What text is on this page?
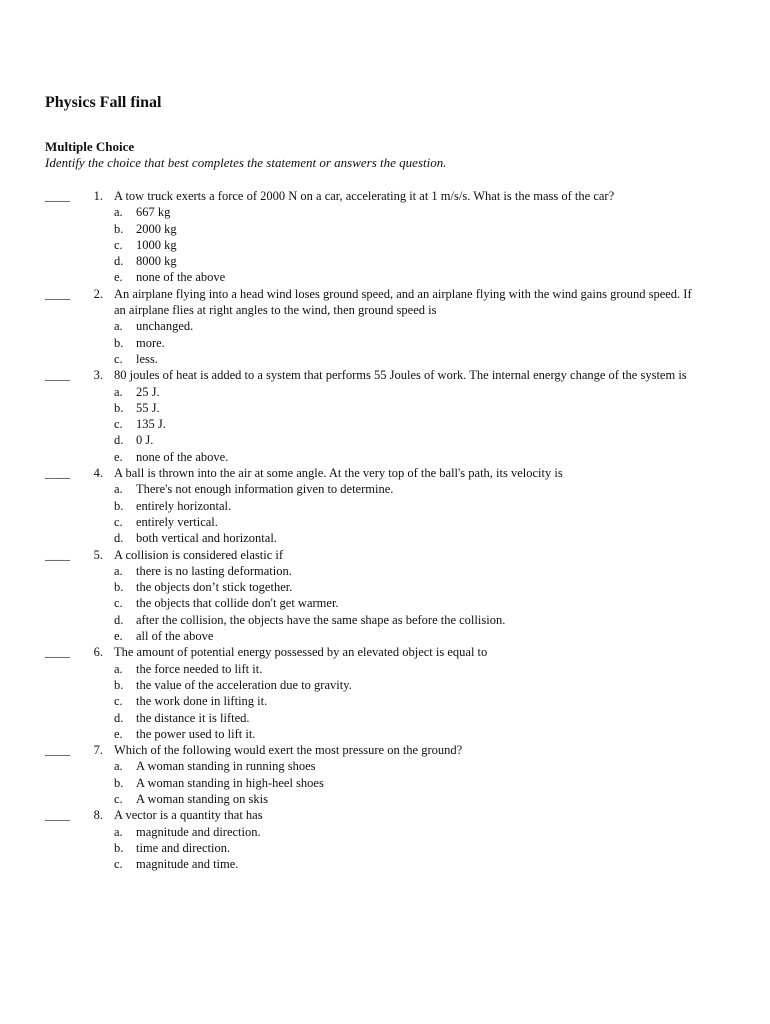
Physics Fall final
Multiple Choice
Identify the choice that best completes the statement or answers the question.
____	1. A tow truck exerts a force of 2000 N on a car, accelerating it at 1 m/s/s. What is the mass of the car?
a. 667 kg
b. 2000 kg
c. 1000 kg
d. 8000 kg
e. none of the above
____	2. An airplane flying into a head wind loses ground speed, and an airplane flying with the wind gains ground speed. If an airplane flies at right angles to the wind, then ground speed is
a. unchanged.
b. more.
c. less.
____	3. 80 joules of heat is added to a system that performs 55 Joules of work. The internal energy change of the system is
a. 25 J.
b. 55 J.
c. 135 J.
d. 0 J.
e. none of the above.
____	4. A ball is thrown into the air at some angle. At the very top of the ball's path, its velocity is
a. There's not enough information given to determine.
b. entirely horizontal.
c. entirely vertical.
d. both vertical and horizontal.
____	5. A collision is considered elastic if
a. there is no lasting deformation.
b. the objects don’t stick together.
c. the objects that collide don't get warmer.
d. after the collision, the objects have the same shape as before the collision.
e. all of the above
____	6. The amount of potential energy possessed by an elevated object is equal to
a. the force needed to lift it.
b. the value of the acceleration due to gravity.
c. the work done in lifting it.
d. the distance it is lifted.
e. the power used to lift it.
____	7. Which of the following would exert the most pressure on the ground?
a. A woman standing in running shoes
b. A woman standing in high-heel shoes
c. A woman standing on skis
____	8. A vector is a quantity that has
a. magnitude and direction.
b. time and direction.
c. magnitude and time.
